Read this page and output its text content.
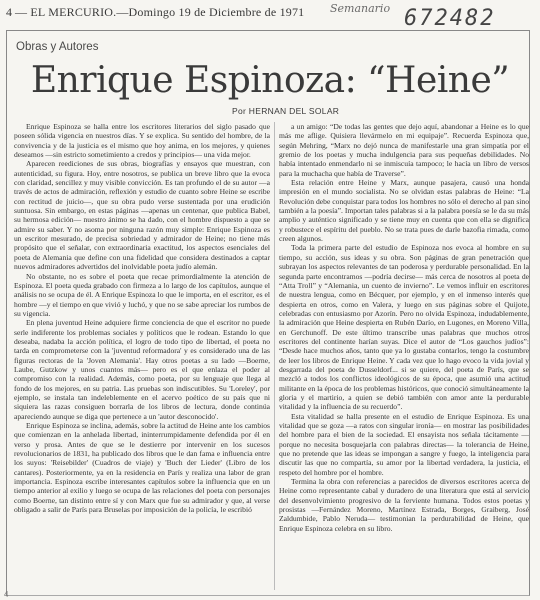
4 — EL MERCURIO.—Domingo 19 de Diciembre de 1971 Semanario 672482
Obras y Autores
Enrique Espinoza: “Heine”
Por HERNAN DEL SOLAR

Enrique Espinoza se halla entre los escritores literarios del siglo pasado que poseen sólida vigencia en nuestros días. Y se explica. Su sentido del hombre, de la convivencia y de la justicia es el mismo que hoy anima, en los mejores, y quienes deseamos —sin estricto sometimiento a credos y principios— una vida mejor.

Aparecen reediciones de sus obras, biografías y ensayos que muestran, con autenticidad, su figura. Hoy, entre nosotros, se publica un breve libro que la evoca con claridad, sencillez y muy visible convicción. Es tan profundo el de su autor —a través de actos de admiración, reflexión y estudio de cuanto sobre Heine se escribe con rectitud de juicio—, que su obra pudo verse sustentada por una erudición suntuosa. Sin embargo, en estas páginas —apenas un centenar, que publica Babel, su hermosa edición— nuestro ánimo se ha dado, con el hombre dispuesto a que se admire su saber. Y no asoma por ninguna razón muy simple: Enrique Espinoza es un escritor mesurado, de precisa sobriedad y admirador de Heine; no tiene más propósito que el señalar, con extraordinaria exactitud, los aspectos esenciales del poeta de Alemania que define con una fidelidad que considera destinados a captar nuevos admiradores advertidos del inolvidable poeta judío alemán.

No obstante, no es sobre el poeta que recae primordialmente la atención de Espinoza. El poeta queda grabado con firmeza a lo largo de los capítulos, aunque el análisis no se ocupa de él. A Enrique Espinoza lo que le importa, en el escritor, es el hombre —y el tiempo en que vivió y luchó, y que no se sabe apreciar los rumbos de su vigencia.

En plena juventud Heine adquiere firme conciencia de que el escritor no puede serle indiferente los problemas sociales y políticos que le rodean. Estando lo que deseaba, nadaba la acción política, el logro de todo tipo de libertad, el poeta no tarda en comprometerse con la 'juventud reformadora' y es considerado una de las figuras rectoras de la 'Joven Alemania'. Hay otros poetas a su lado —Boerne, Laube, Gutzkow y unos cuantos más— pero es el que enlaza el poder al compromiso con la realidad. Además, como poeta, por su lenguaje que llega al fondo de los mejores, en su patria. Las pruebas son indiscutibles. Su 'Loreley', por ejemplo, se instala tan indeleblemente en el acervo poético de su país que ni siquiera las razas consiguen borrarla de los libros de lectura, donde continúa apareciendo aunque se diga que pertenece a un 'autor desconocido'.

Enrique Espinoza se inclina, además, sobre la actitud de Heine ante los cambios que comienzan en la anhelada libertad, ininterrumpidamente defendida por él en verso y prosa. Antes de que se le destierre por intervenir en los sucesos revolucionarios de 1831, ha publicado dos libros que le dan fama e influencia entre los suyos: 'Reisebilder' (Cuadros de viaje) y 'Buch der Lieder' (Libro de los cantares). Posteriormente, ya en la residencia en París y realiza una labor de gran importancia. Espinoza escribe interesantes capítulos sobre la influencia que en un tiempo anterior al exilio y luego se ocupa de las relaciones del poeta con personajes como Boerne, tan distinto entre sí y con Marx que fue su admirador y que, al verse obligado a salir de París para Bruselas por imposición de la policía, le escribió

a un amigo: “De todas las gentes que dejo aquí, abandonar a Heine es lo que más me aflige. Quisiera llevármelo en mi equipaje”. Recuerda Espinoza que, según Mehring, “Marx no dejó nunca de manifestarle una gran simpatía por el gremio de los poetas y mucha indulgencia para sus pequeñas debilidades. No había intentado enmendarlo ni se inmiscuía tampoco; le hacía un libro de versos para la muchacha que había de Traverse”.

Esta relación entre Heine y Marx, aunque pasajera, causó una honda impresión en el mundo socialista. No se olvidan estas palabras de Heine: “La Revolución debe conquistar para todos los hombres no sólo el derecho al pan sino también a la poesía”. Importan tales palabras si a la palabra poesía se le da su más amplio y auténtico significado y se tiene muy en cuenta que con ella se dignifica y robustece el espíritu del pueblo. No se trata pues de darle bazofia rimada, como creen algunos.

Toda la primera parte del estudio de Espinoza nos evoca al hombre en su tiempo, su acción, sus ideas y su obra. Son páginas de gran penetración que subrayan los aspectos relevantes de tan poderosa y perdurable personalidad. En la segunda parte encontramos —podría decirse— más cerca de nosotros al poeta de “Atta Troll” y “Alemania, un cuento de invierno”. Le vemos influir en escritores de nuestra lengua, como en Bécquer, por ejemplo, y en el inmenso interés que despierta en otros, como en Valera, y luego en sus páginas sobre el Quijote, celebradas con entusiasmo por Azorín. Pero no olvida Espinoza, indudablemente, la admiración que Heine despierta en Rubén Darío, en Lugones, en Moreno Villa, en Gerchunoff. De este último transcribe unas palabras que muchos otros escritores del continente harían suyas. Dice el autor de “Los gauchos judíos”: “Desde hace muchos años, tanto que ya lo gustaba contarlos, tengo la costumbre de leer los libros de Enrique Heine. Y cada vez que lo hago evoco la vida jovial y desgarrada del poeta de Dusseldorf... si se quiere, del poeta de París, que se mezcló a todos los conflictos ideológicos de su época, que asumió una actitud militante en la época de los problemas históricos, que conoció simultáneamente la gloria y el martirio, a quien se debió también con amor ante la perdurable vitalidad y la influencia de su recuerdo”.

Esta vitalidad se halla presente en el estudio de Enrique Espinoza. Es una vitalidad que se goza —a ratos con singular ironía— en mostrar las posibilidades del hombre para el bien de la sociedad. El ensayista nos señala tácitamente —porque no necesita bosquejarla con palabras directas— la tolerancia de Heine, que no pretende que las ideas se impongan a sangre y fuego, la inteligencia para discutir las que no compartía, su amor por la libertad verdadera, la justicia, el respeto del hombre por el hombre.

Termina la obra con referencias a parecidos de diversos escritores acerca de Heine como representante cabal y duradero de una literatura que está al servicio del desenvolvimiento progresivo de la ferviente humana. Todos estos poetas y prosistas —Fernández Moreno, Martínez Estrada, Borges, Graiberg, José Zaldumbide, Pablo Neruda— testimonian la perdurabilidad de Heine, que Enrique Espinoza celebra en su libro.

4
